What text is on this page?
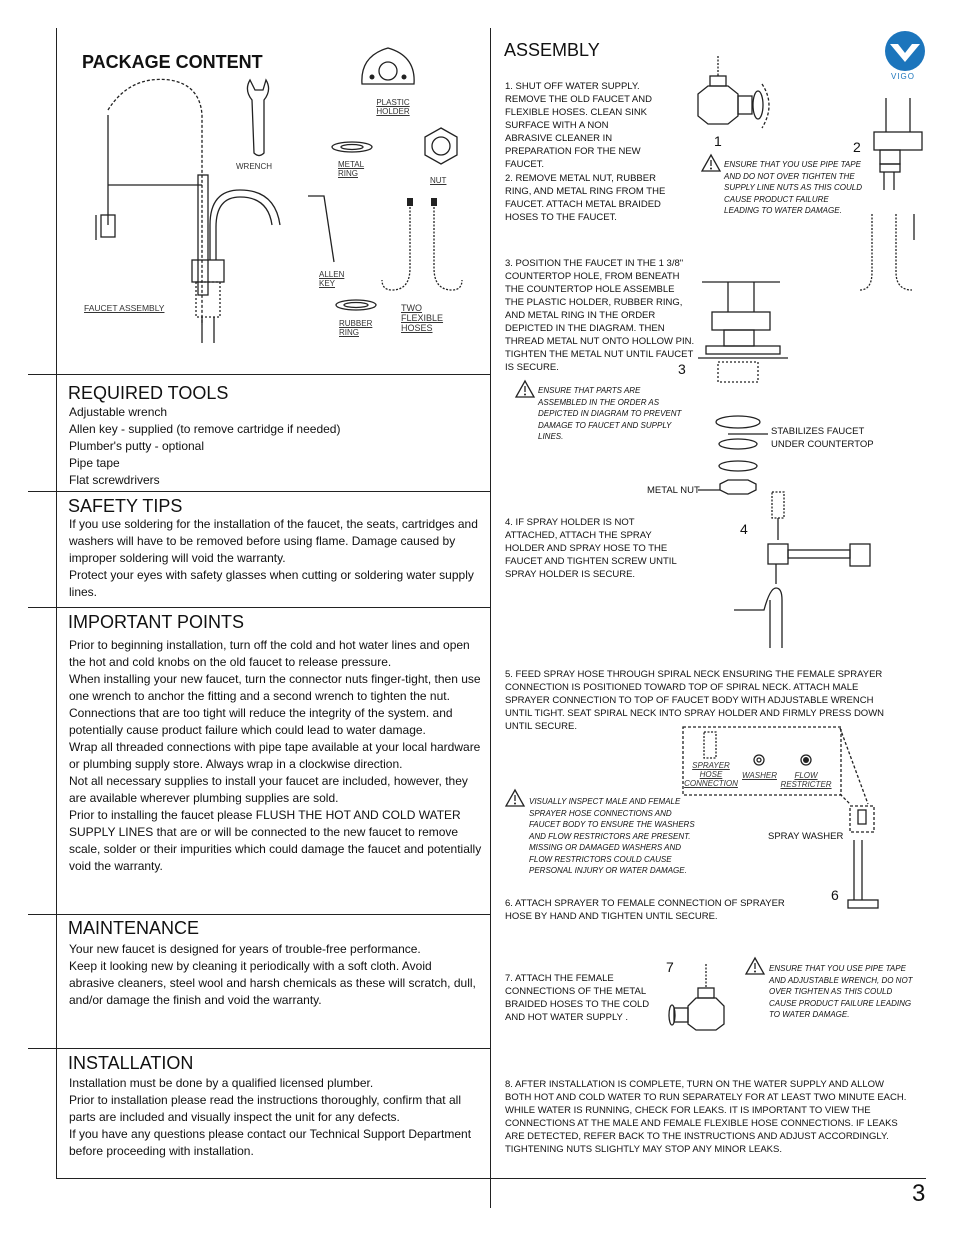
PACKAGE CONTENT
WRENCH
PLASTIC HOLDER
METAL RING
NUT
ALLEN KEY
RUBBER RING
TWO FLEXIBLE HOSES
FAUCET ASSEMBLY
REQUIRED TOOLS

Adjustable wrench

Allen key - supplied (to remove cartridge if needed)

Plumber's putty - optional

Pipe tape

Flat screwdrivers

SAFETY TIPS

If you use soldering for the installation of the faucet, the seats, cartridges and washers will have to be removed before using flame. Damage caused by improper soldering will void the warranty.

Protect your eyes with safety glasses when cutting or soldering water supply lines.

IMPORTANT POINTS

Prior to beginning installation, turn off the cold and hot water lines and open the hot and cold knobs on the old faucet to release pressure.

When installing your new faucet, turn the connector nuts finger-tight, then use one wrench to anchor the fitting and a second wrench to tighten the nut. Connections that are too tight will reduce the integrity of the system. and potentially cause product failure which could lead to water damage.

Wrap all threaded connections with pipe tape available at your local hardware or plumbing supply store. Always wrap in a clockwise direction.

Not all necessary supplies to install your faucet are included, however, they are available wherever plumbing supplies are sold.

Prior to installing the faucet please FLUSH THE HOT AND COLD WATER SUPPLY LINES that are or will be connected to the new faucet to remove scale, solder or their impurities which could damage the faucet and potentially void the warranty.

MAINTENANCE

Your new faucet is designed for years of trouble-free performance.

Keep it looking new by cleaning it periodically with a soft cloth. Avoid abrasive cleaners, steel wool and harsh chemicals as these will scratch, dull, and/or damage the finish and void the warranty.

INSTALLATION

Installation must be done by a qualified licensed plumber.

Prior to installation please read the instructions thoroughly, confirm that all parts are included and visually inspect the unit for any defects.

If you have any questions please contact our Technical Support Department before proceeding with installation.

ASSEMBLY
VIGO
1. SHUT OFF WATER SUPPLY. REMOVE THE OLD FAUCET AND FLEXIBLE HOSES. CLEAN SINK SURFACE WITH A NON ABRASIVE CLEANER IN PREPARATION FOR THE NEW FAUCET.
2. REMOVE METAL NUT, RUBBER RING, AND METAL RING FROM THE FAUCET. ATTACH METAL BRAIDED HOSES TO THE FAUCET.
1	2
ENSURE THAT YOU USE PIPE TAPE AND DO NOT OVER TIGHTEN THE SUPPLY LINE NUTS AS THIS COULD CAUSE PRODUCT FAILURE LEADING TO WATER DAMAGE.
3. POSITION THE FAUCET IN THE 1 3/8" COUNTERTOP HOLE, FROM BENEATH THE COUNTERTOP HOLE ASSEMBLE THE PLASTIC HOLDER, RUBBER RING, AND METAL RING IN THE ORDER DEPICTED IN THE DIAGRAM. THEN THREAD METAL NUT ONTO HOLLOW PIN. TIGHTEN THE METAL NUT UNTIL FAUCET IS SECURE.	3
ENSURE THAT PARTS ARE ASSEMBLED IN THE ORDER AS DEPICTED IN DIAGRAM TO PREVENT DAMAGE TO FAUCET AND SUPPLY LINES.	STABILIZES FAUCET UNDER COUNTERTOP
METAL NUT
4. IF SPRAY HOLDER IS NOT ATTACHED, ATTACH THE SPRAY HOLDER AND SPRAY HOSE TO THE FAUCET AND TIGHTEN SCREW UNTIL SPRAY HOLDER IS SECURE.
4
5. FEED SPRAY HOSE THROUGH SPIRAL NECK ENSURING THE FEMALE SPRAYER CONNECTION IS POSITIONED TOWARD TOP OF SPIRAL NECK. ATTACH MALE SPRAYER CONNECTION TO TOP OF FAUCET BODY WITH ADJUSTABLE WRENCH UNTIL TIGHT. SEAT SPIRAL NECK INTO SPRAY HOLDER AND FIRMLY PRESS DOWN UNTIL SECURE.
SPRAYER HOSE CONNECTION
WASHER	FLOW RESTRICTER
VISUALLY INSPECT MALE AND FEMALE SPRAYER HOSE CONNECTIONS AND FAUCET BODY TO ENSURE THE WASHERS AND FLOW RESTRICTORS ARE PRESENT. MISSING OR DAMAGED WASHERS AND FLOW RESTRICTORS COULD CAUSE PERSONAL INJURY OR WATER DAMAGE.
SPRAY WASHER
6
6. ATTACH SPRAYER TO FEMALE CONNECTION OF SPRAYER HOSE BY HAND AND TIGHTEN UNTIL SECURE.
7. ATTACH THE FEMALE CONNECTIONS OF THE METAL BRAIDED HOSES TO THE COLD AND HOT WATER SUPPLY .
7	ENSURE THAT YOU USE PIPE TAPE AND ADJUSTABLE WRENCH, DO NOT OVER TIGHTEN AS THIS COULD CAUSE PRODUCT FAILURE LEADING TO WATER DAMAGE.
8. AFTER INSTALLATION IS COMPLETE, TURN ON THE WATER SUPPLY AND ALLOW BOTH HOT AND COLD WATER TO RUN SEPARATELY FOR AT LEAST TWO MINUTE EACH. WHILE WATER IS RUNNING, CHECK FOR LEAKS. IT IS IMPORTANT TO VIEW THE CONNECTIONS AT THE MALE AND FEMALE FLEXIBLE HOSE CONNECTIONS. IF LEAKS ARE DETECTED, REFER BACK TO THE INSTRUCTIONS AND ADJUST ACCORDINGLY. TIGHTENING NUTS SLIGHTLY MAY STOP ANY MINOR LEAKS.
3
